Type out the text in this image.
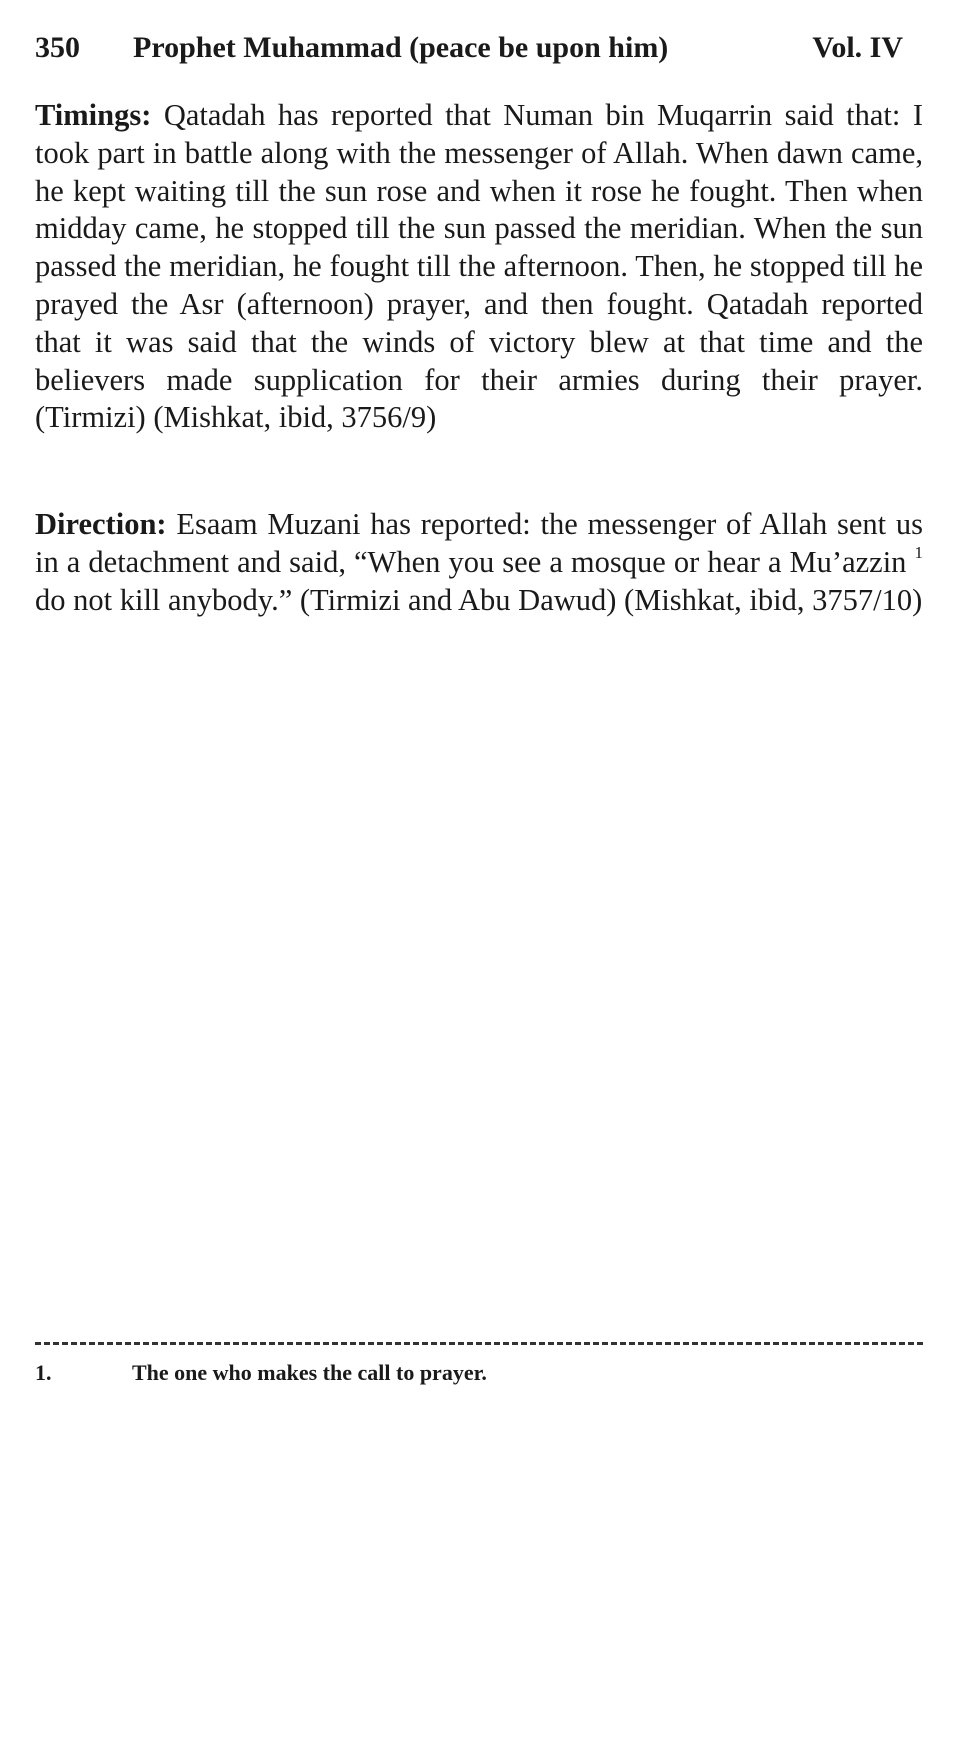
350 Prophet Muhammad (peace be upon him)	Vol. IV

Timings: Qatadah has reported that Numan bin Muqarrin said that: I took part in battle along with the messenger of Allah. When dawn came, he kept waiting till the sun rose and when it rose he fought. Then when midday came, he stopped till the sun passed the meridian. When the sun passed the meridian, he fought till the afternoon. Then, he stopped till he prayed the Asr (afternoon) prayer, and then fought. Qatadah reported that it was said that the winds of victory blew at that time and the believers made supplication for their armies during their prayer. (Tirmizi) (Mishkat, ibid, 3756/9)

Direction: Esaam Muzani has reported: the messenger of Allah sent us in a detachment and said, “When you see a mosque or hear a Mu’azzin $^1$ do not kill anybody.” (Tirmizi and Abu Dawud) (Mishkat, ibid, 3757/10)

1.	The one who makes the call to prayer.
